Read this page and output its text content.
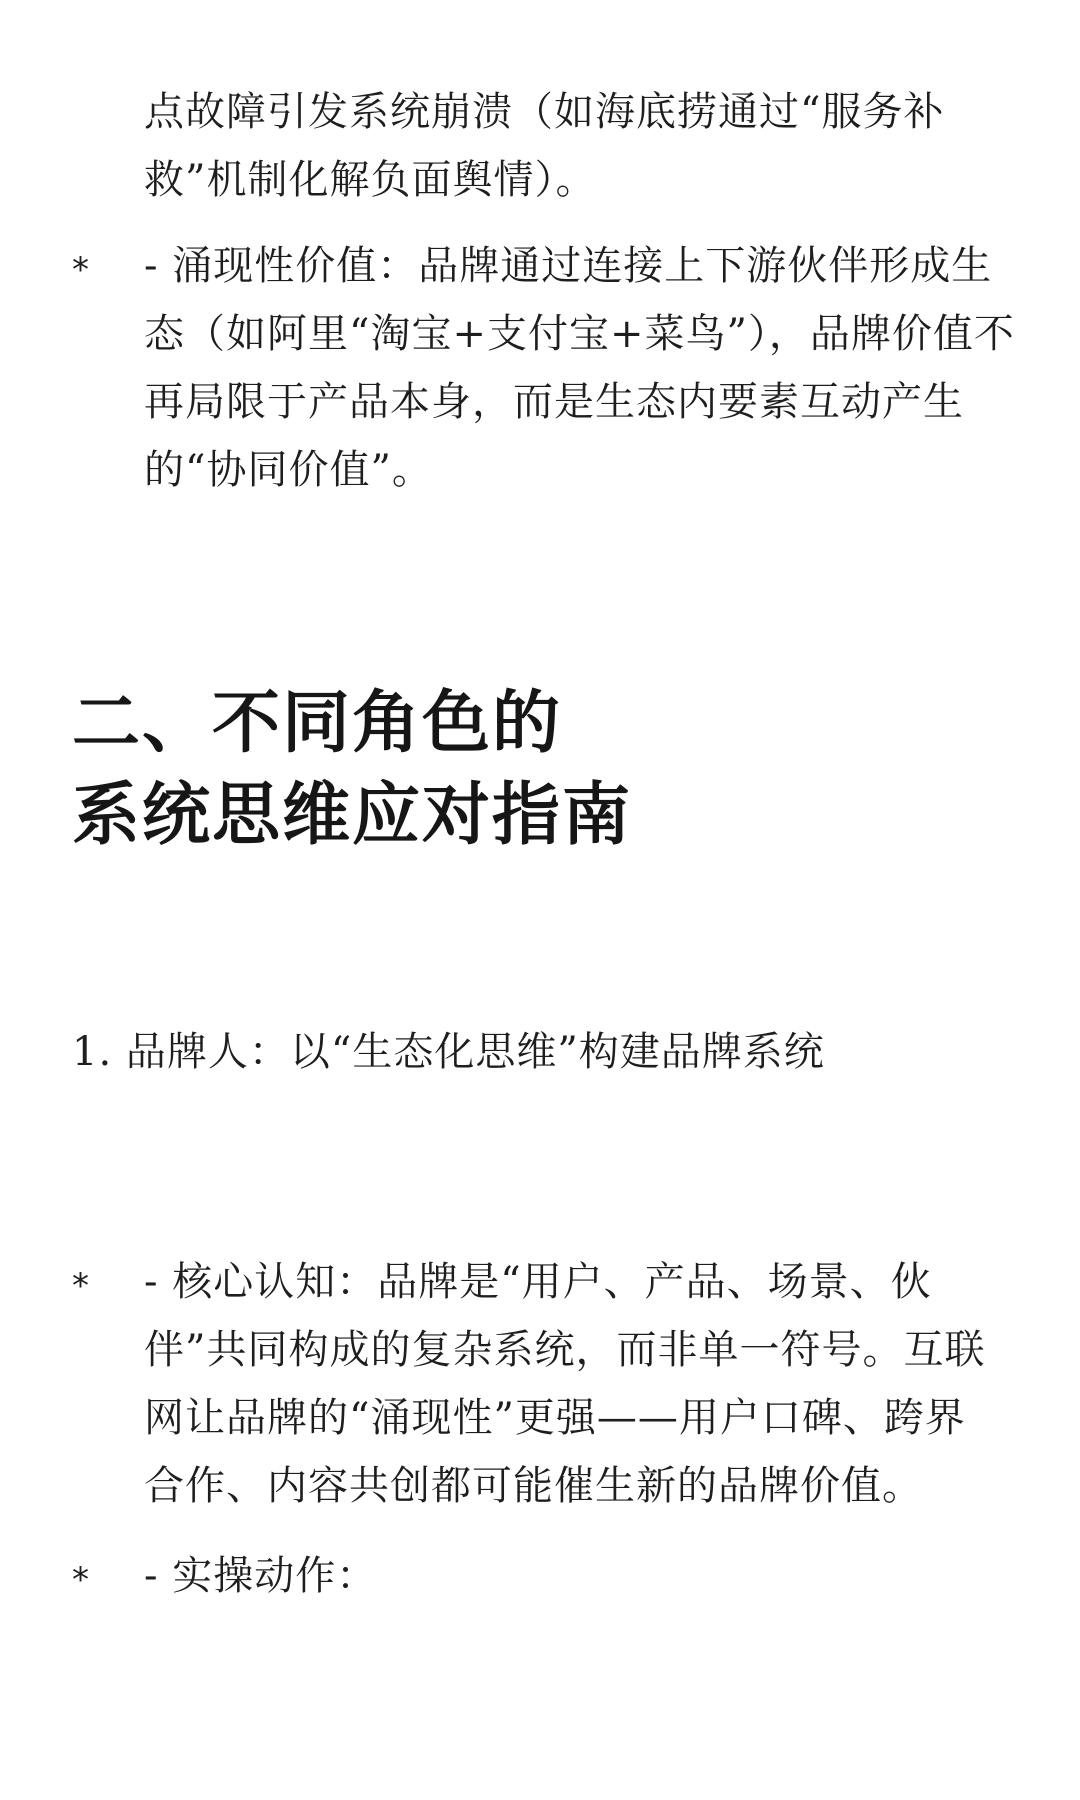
点故障引发系统崩溃（如海底捞通过“服务补
救”机制化解负面舆情）。
*	- 涌现性价值：品牌通过连接上下游伙伴形成生
态（如阿里“淘宝+支付宝+菜鸟”），品牌价值不
再局限于产品本身，而是生态内要素互动产生
的“协同价值”。
二、不同角色的
系统思维应对指南
1. 品牌人：以“生态化思维”构建品牌系统
*	- 核心认知：品牌是“用户、产品、场景、伙
伴”共同构成的复杂系统，而非单一符号。互联
网让品牌的“涌现性”更强——用户口碑、跨界
合作、内容共创都可能催生新的品牌价值。
*	- 实操动作：
